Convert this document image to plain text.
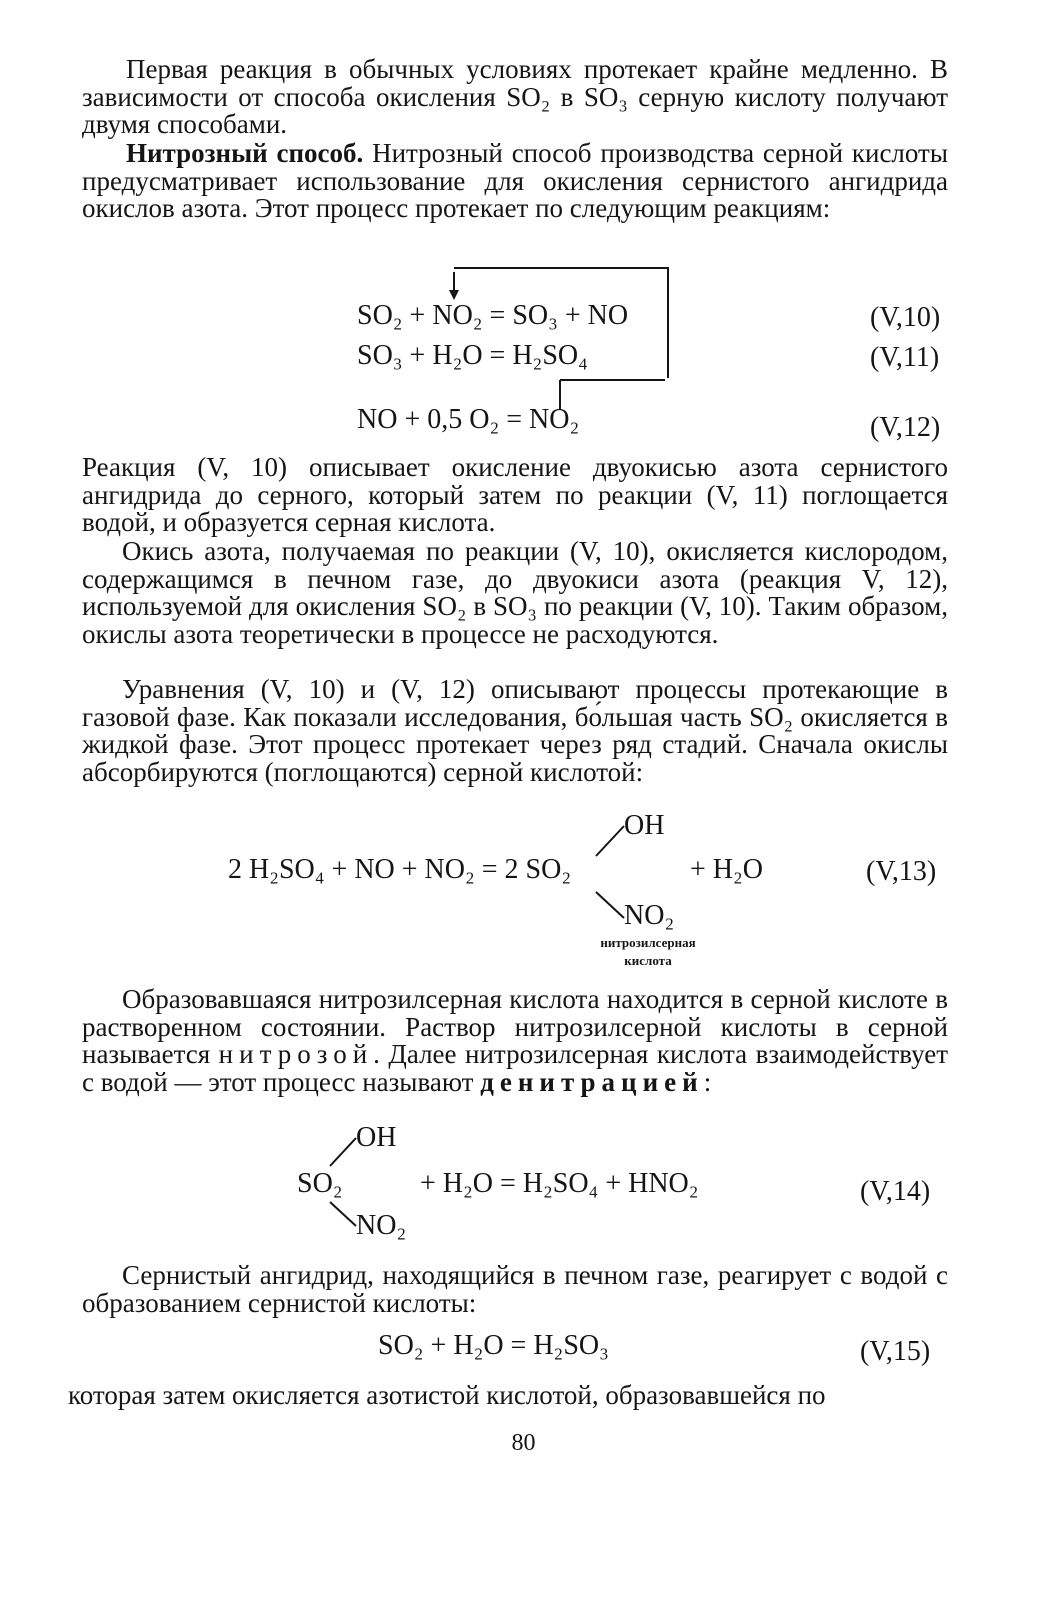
Первая реакция в обычных условиях протекает крайне медленно. В зависимости от способа окисления SO₂ в SO₃ серную кислоту получают двумя способами.

Нитрозный способ. Нитрозный способ производства серной кислоты предусматривает использование для окисления сернистого ангидрида окислов азота. Этот процесс протекает по следующим реакциям:

SO₂ + NO₂ = SO₃ + NO	(V,10)
SO₃ + H₂O = H₂SO₄	(V,11)
NO + 0,5 O₂ = NO₂	(V,12)

Реакция (V, 10) описывает окисление двуокисью азота сернистого ангидрида до серного, который затем по реакции (V, 11) поглощается водой, и образуется серная кислота.

Окись азота, получаемая по реакции (V, 10), окисляется кислородом, содержащимся в печном газе, до двуокиси азота (реакция V, 12), используемой для окисления SO₂ в SO₃ по реакции (V, 10). Таким образом, окислы азота теоретически в процессе не расходуются.

Уравнения (V, 10) и (V, 12) описывают процессы протекающие в газовой фазе. Как показали исследования, бо́льшая часть SO₂ окисляется в жидкой фазе. Этот процесс протекает через ряд стадий. Сначала окислы абсорбируются (поглощаются) серной кислотой:

2 H₂SO₄ + NO + NO₂ = 2 SO₂
OH
NO₂
+ H₂O	(V,13)
нитрозилсерная
кислота

Образовавшаяся нитрозилсерная кислота находится в серной кислоте в растворенном состоянии. Раствор нитрозилсерной кислоты в серной называется нитрозой. Далее нитрозилсерная кислота взаимодействует с водой — этот процесс называют денитрацией:

OH
SO₂
NO₂
+ H₂O = H₂SO₄ + HNO₂	(V,14)

Сернистый ангидрид, находящийся в печном газе, реагирует с водой с образованием сернистой кислоты:

SO₂ + H₂O = H₂SO₃	(V,15)

которая затем окисляется азотистой кислотой, образовавшейся по

80
